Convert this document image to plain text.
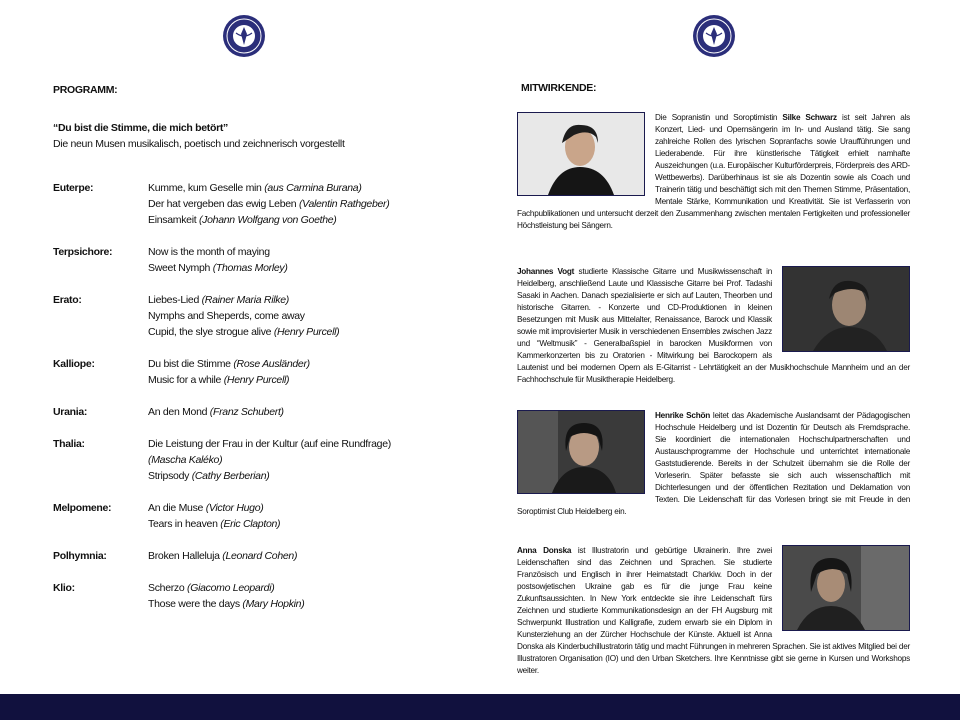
PROGRAMM:
“Du bist die Stimme, die mich betört”
Die neun Musen musikalisch, poetisch und zeichnerisch vorgestellt
Euterpe:	Kumme, kum Geselle min (aus Carmina Burana)
Der hat vergeben das ewig Leben (Valentin Rathgeber)
Einsamkeit (Johann Wolfgang von Goethe)
Terpsichore:	Now is the month of maying
Sweet Nymph (Thomas Morley)
Erato:	Liebes-Lied (Rainer Maria Rilke)
Nymphs and Sheperds, come away
Cupid, the slye strogue alive (Henry Purcell)
Kalliope:	Du bist die Stimme (Rose Ausländer)
Music for a while (Henry Purcell)
Urania:	An den Mond (Franz Schubert)
Thalia:	Die Leistung der Frau in der Kultur (auf eine Rundfrage)
(Mascha Kaléko)
Stripsody (Cathy Berberian)
Melpomene:	An die Muse (Victor Hugo)
Tears in heaven (Eric Clapton)
Polhymnia:	Broken Halleluja (Leonard Cohen)
Klio:	Scherzo (Giacomo Leopardi)
Those were the days (Mary Hopkin)
MITWIRKENDE:
Die Sopranistin und Soroptimistin Silke Schwarz ist seit Jahren als Konzert, Lied- und Opernsängerin im In- und Ausland tätig. Sie sang zahlreiche Rollen des lyrischen Sopranfachs sowie Uraufführungen und Liederabende. Für ihre künstlerische Tätigkeit erhielt namhafte Auszeichungen (u.a. Europäischer Kulturförderpreis, Förderpreis des ARD-Wettbewerbs). Darüberhinaus ist sie als Dozentin sowie als Coach und Trainerin tätig und beschäftigt sich mit den Themen Stimme, Präsentation, Mentale Stärke, Kommunikation und Kreativität. Sie ist Verfasserin von Fachpublikationen und untersucht derzeit den Zusammenhang zwischen mentalen Fertigkeiten und professioneller Höchstleistung bei Sängern.
Johannes Vogt studierte Klassische Gitarre und Musikwissenschaft in Heidelberg, anschließend Laute und Klassische Gitarre bei Prof. Tadashi Sasaki in Aachen. Danach spezialisierte er sich auf Lauten, Theorben und historische Gitarren. - Konzerte und CD-Produktionen in kleinen Besetzungen mit Musik aus Mittelalter, Renaissance, Barock und Klassik sowie mit improvisierter Musik in verschiedenen Ensembles zwischen Jazz und “Weltmusik” - Generalbaßspiel in barocken Musikformen von Kammerkonzerten bis zu Oratorien - Mitwirkung bei Barockopern als Lautenist und bei modernen Opern als E-Gitarrist - Lehrtätigkeit an der Musikhochschule Mannheim und an der Fachhochschule für Musiktherapie Heidelberg.
Henrike Schön leitet das Akademische Auslandsamt der Pädagogischen Hochschule Heidelberg und ist Dozentin für Deutsch als Fremdsprache. Sie koordiniert die internationalen Hochschulpartnerschaften und Austauschprogramme der Hochschule und unterrichtet internationale Gaststudierende. Bereits in der Schulzeit übernahm sie die Rolle der Vorleserin. Später befasste sie sich auch wissenschaftlich mit Dichterlesungen und der öffentlichen Rezitation und Deklamation von Texten. Die Leidenschaft für das Vorlesen bringt sie mit Freude in den Soroptimist Club Heidelberg ein.
Anna Donska ist Illustratorin und gebürtige Ukrainerin. Ihre zwei Leidenschaften sind das Zeichnen und Sprachen. Sie studierte Französisch und Englisch in ihrer Heimatstadt Charkiw. Doch in der postsowjetischen Ukraine gab es für die junge Frau keine Zukunftsaussichten. In New York entdeckte sie ihre Leidenschaft fürs Zeichnen und studierte Kommunikationsdesign an der FH Augsburg mit Schwerpunkt Illustration und Kalligrafie, zudem erwarb sie ein Diplom in Kunsterziehung an der Zürcher Hochschule der Künste. Aktuell ist Anna Donska als Kinderbuchillustratorin tätig und macht Führungen in mehreren Sprachen. Sie ist aktives Mitglied bei der Illustratoren Organisation (IO) und den Urban Sketchers. Ihre Kenntnisse gibt sie gerne in Kursen und Workshops weiter.
